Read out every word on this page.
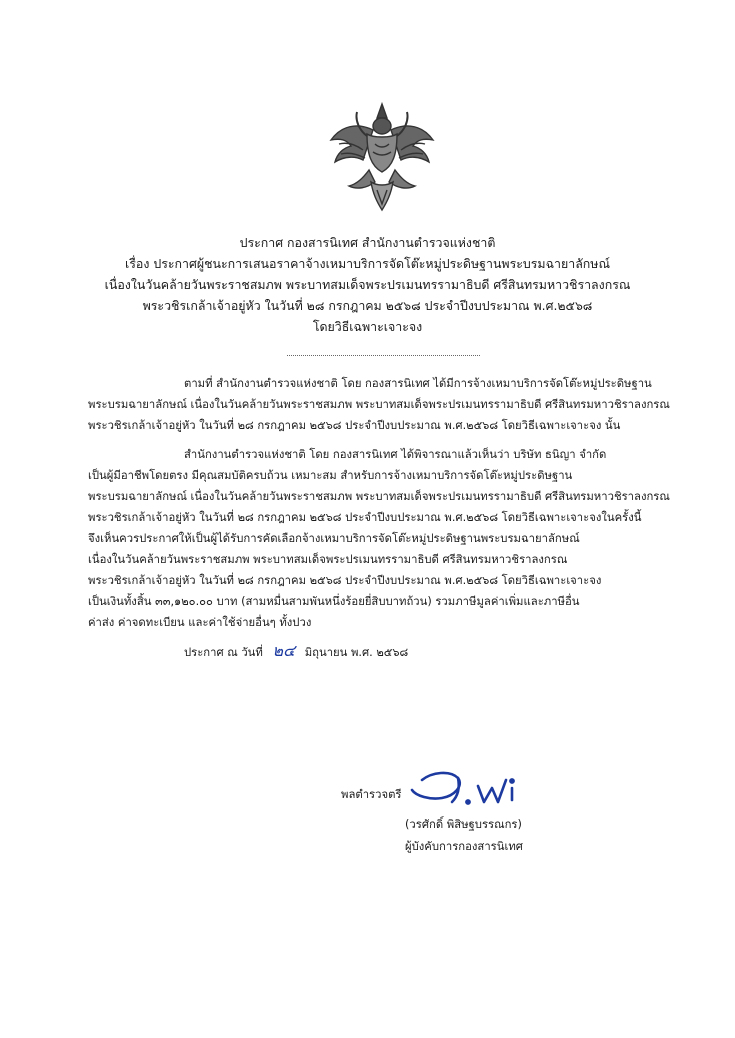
ประกาศ กองสารนิเทศ สำนักงานตำรวจแห่งชาติ
เรื่อง ประกาศผู้ชนะการเสนอราคาจ้างเหมาบริการจัดโต๊ะหมู่ประดิษฐานพระบรมฉายาลักษณ์
เนื่องในวันคล้ายวันพระราชสมภพ พระบาทสมเด็จพระปรเมนทรรามาธิบดี ศรีสินทรมหาวชิราลงกรณ
พระวชิรเกล้าเจ้าอยู่หัว ในวันที่ ๒๘ กรกฎาคม ๒๕๖๘ ประจำปีงบประมาณ พ.ศ.๒๕๖๘
โดยวิธีเฉพาะเจาะจง
ตามที่ สำนักงานตำรวจแห่งชาติ โดย กองสารนิเทศ ได้มีการจ้างเหมาบริการจัดโต๊ะหมู่ประดิษฐาน
พระบรมฉายาลักษณ์ เนื่องในวันคล้ายวันพระราชสมภพ พระบาทสมเด็จพระปรเมนทรรามาธิบดี ศรีสินทรมหาวชิราลงกรณ
พระวชิรเกล้าเจ้าอยู่หัว ในวันที่ ๒๘ กรกฎาคม ๒๕๖๘ ประจำปีงบประมาณ พ.ศ.๒๕๖๘ โดยวิธีเฉพาะเจาะจง นั้น
สำนักงานตำรวจแห่งชาติ โดย กองสารนิเทศ ได้พิจารณาแล้วเห็นว่า บริษัท ธนิญา จำกัด
เป็นผู้มีอาชีพโดยตรง มีคุณสมบัติครบถ้วน เหมาะสม สำหรับการจ้างเหมาบริการจัดโต๊ะหมู่ประดิษฐาน
พระบรมฉายาลักษณ์ เนื่องในวันคล้ายวันพระราชสมภพ พระบาทสมเด็จพระปรเมนทรรามาธิบดี ศรีสินทรมหาวชิราลงกรณ
พระวชิรเกล้าเจ้าอยู่หัว ในวันที่ ๒๘ กรกฎาคม ๒๕๖๘ ประจำปีงบประมาณ พ.ศ.๒๕๖๘ โดยวิธีเฉพาะเจาะจงในครั้งนี้
จึงเห็นควรประกาศให้เป็นผู้ได้รับการคัดเลือกจ้างเหมาบริการจัดโต๊ะหมู่ประดิษฐานพระบรมฉายาลักษณ์
เนื่องในวันคล้ายวันพระราชสมภพ พระบาทสมเด็จพระปรเมนทรรามาธิบดี ศรีสินทรมหาวชิราลงกรณ
พระวชิรเกล้าเจ้าอยู่หัว ในวันที่ ๒๘ กรกฎาคม ๒๕๖๘ ประจำปีงบประมาณ พ.ศ.๒๕๖๘ โดยวิธีเฉพาะเจาะจง
เป็นเงินทั้งสิ้น ๓๓,๑๒๐.๐๐ บาท (สามหมื่นสามพันหนึ่งร้อยยี่สิบบาทถ้วน) รวมภาษีมูลค่าเพิ่มและภาษีอื่น
ค่าส่ง ค่าจดทะเบียน และค่าใช้จ่ายอื่นๆ ทั้งปวง
ประกาศ ณ วันที่ ๒๔ มิถุนายน พ.ศ. ๒๕๖๘
พลตำรวจตรี
(วรศักดิ์ พิสิษฐบรรณกร)
ผู้บังคับการกองสารนิเทศ
